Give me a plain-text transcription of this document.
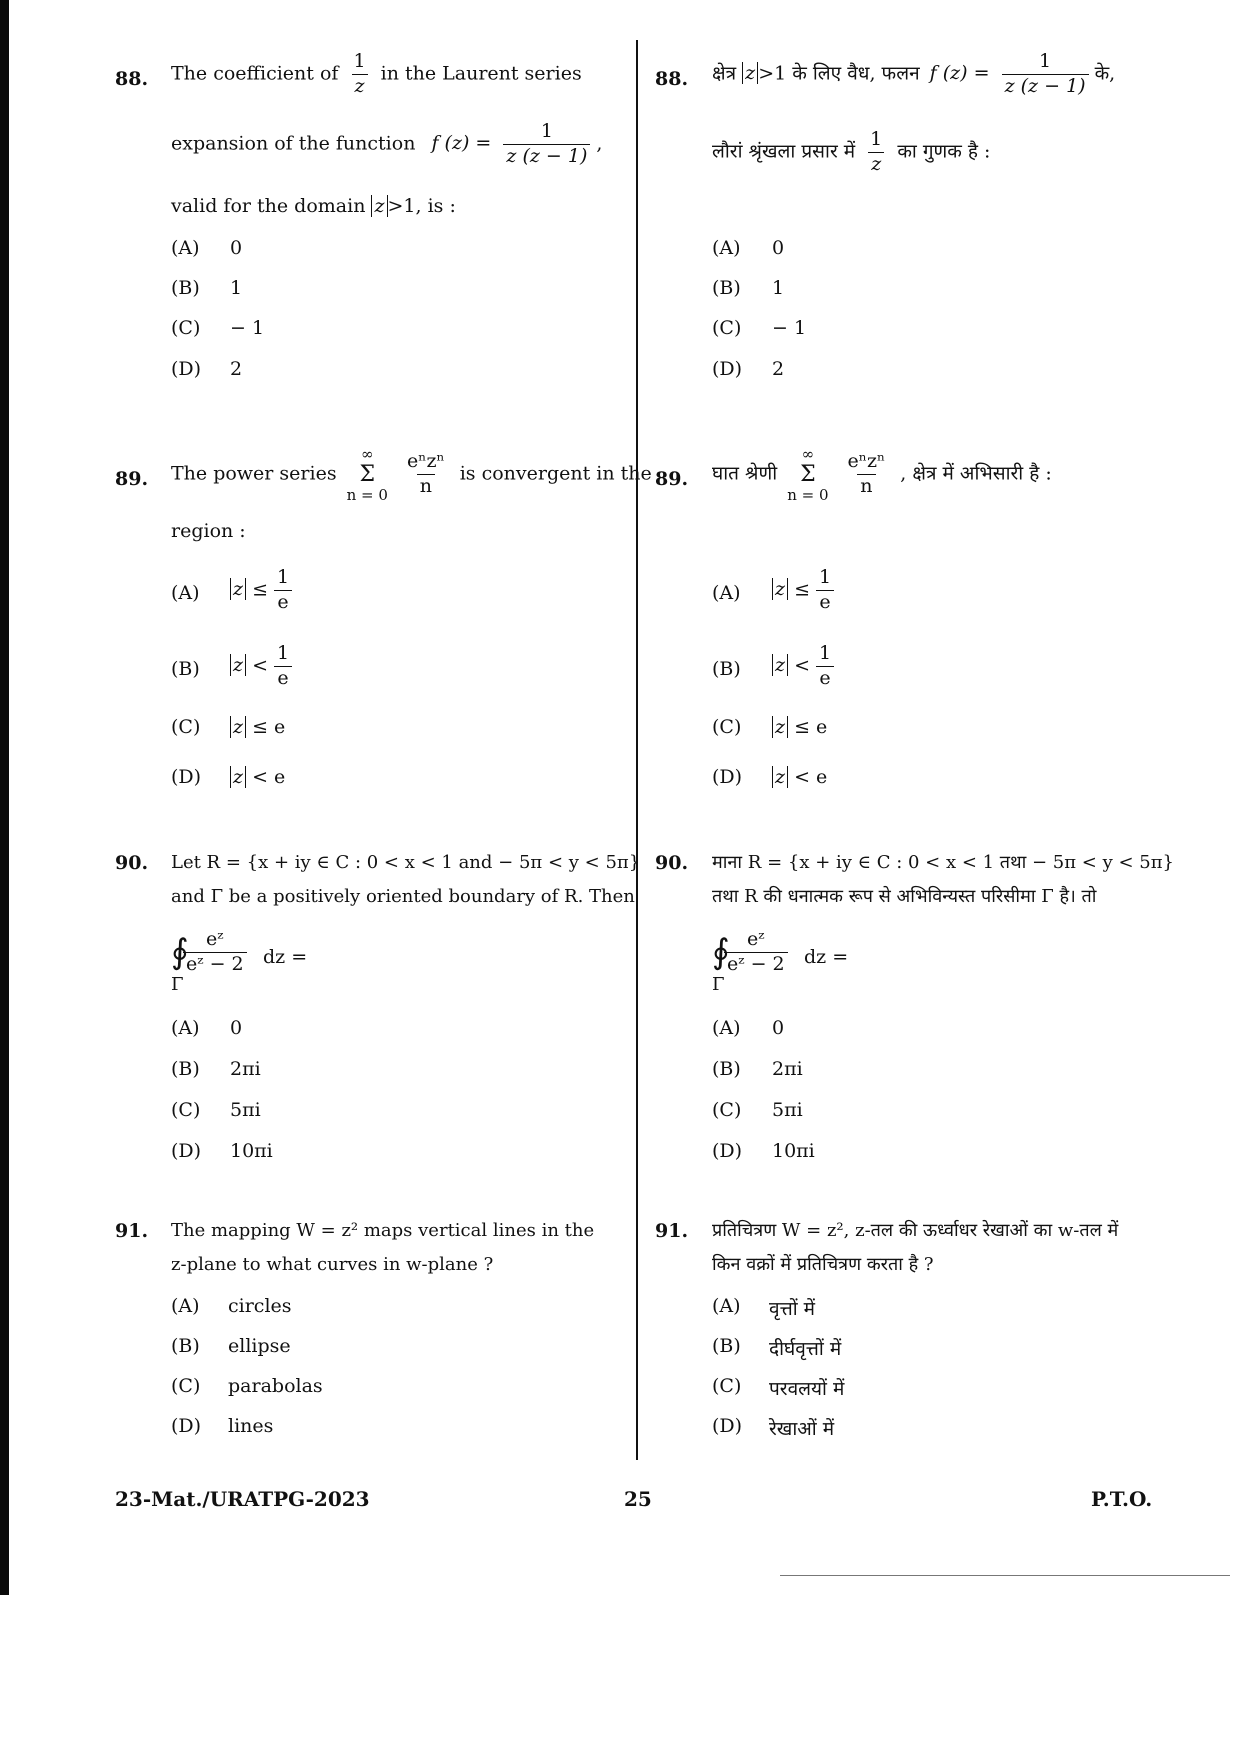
88. The coefficient of $\frac{1}{z}$ in the Laurent series
expansion of the function f $(z) = \frac{1}{z (z - 1)}$ ,
valid for the domain z >1, is :
(A) 0
(B) 1
(C) − 1
(D) 2
88. क्षेत्र z >1 के लिए वैध, फलन f $(z) = \frac{1}{z (z - 1)}$ के,
लौरां श्रृंखला प्रसार में $\frac{1}{z}$ का गुणक है :
(A) 0
(B) 1
(C) − 1
(D) 2
89. The power series
∞
Σ
n = 0
$\frac{\text{eⁿzⁿ}}{n}$ is convergent in the
region :
(A) $z \le \frac{1}{e}$
(B) $z < \frac{1}{e}$
(C) z ≤ e
(D) z < e
89. घात श्रेणी
∞
Σ
n = 0
$\frac{\text{eⁿzⁿ}}{n}$ , क्षेत्र में अभिसारी है :
(A) $z \le \frac{1}{e}$
(B) $z < \frac{1}{e}$
(C) z ≤ e
(D) z < e
90. Let R = {x + iy ∈ C : 0 < x < 1 and − 5π < y < 5π}
and Γ be a positively oriented boundary of R. Then
∮
Γ
$\frac{\text{eᶻ}}{\text{eᶻ − 2}}$ dz =
(A) 0
(B) 2πi
(C) 5πi
(D) 10πi
90. माना R = {x + iy ∈ C : 0 < x < 1 तथा − 5π < y < 5π}
तथा R की धनात्मक रूप से अभिविन्यस्त परिसीमा Γ है। तो
∮
Γ
$\frac{\text{eᶻ}}{\text{eᶻ − 2}}$ dz =
(A) 0
(B) 2πi
(C) 5πi
(D) 10πi
91. The mapping W = z² maps vertical lines in the
z-plane to what curves in w-plane ?
(A) circles
(B) ellipse
(C) parabolas
(D) lines
91. प्रतिचित्रण W = z², z-तल की ऊर्ध्वाधर रेखाओं का w-तल में
किन वक्रों में प्रतिचित्रण करता है ?
(A) वृत्तों में
(B) दीर्घवृत्तों में
(C) परवलयों में
(D) रेखाओं में
23-Mat./URATPG-2023	25	P.T.O.
